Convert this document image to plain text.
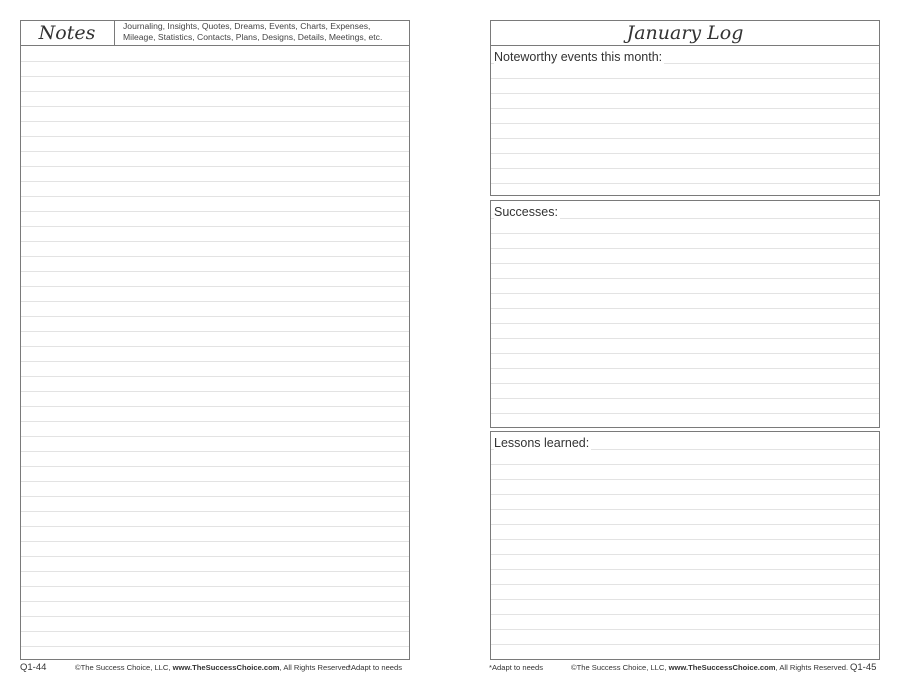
Notes	Journaling, Insights, Quotes, Dreams, Events, Charts, Expenses,
Mileage, Statistics, Contacts, Plans, Designs, Details, Meetings, etc.
Q1-44	©The Success Choice, LLC, www.TheSuccessChoice.com, All Rights Reserved.
*Adapt to needs
January Log
Noteworthy events this month:
Successes:
Lessons learned:
*Adapt to needs	©The Success Choice, LLC, www.TheSuccessChoice.com, All Rights Reserved. Q1-45
